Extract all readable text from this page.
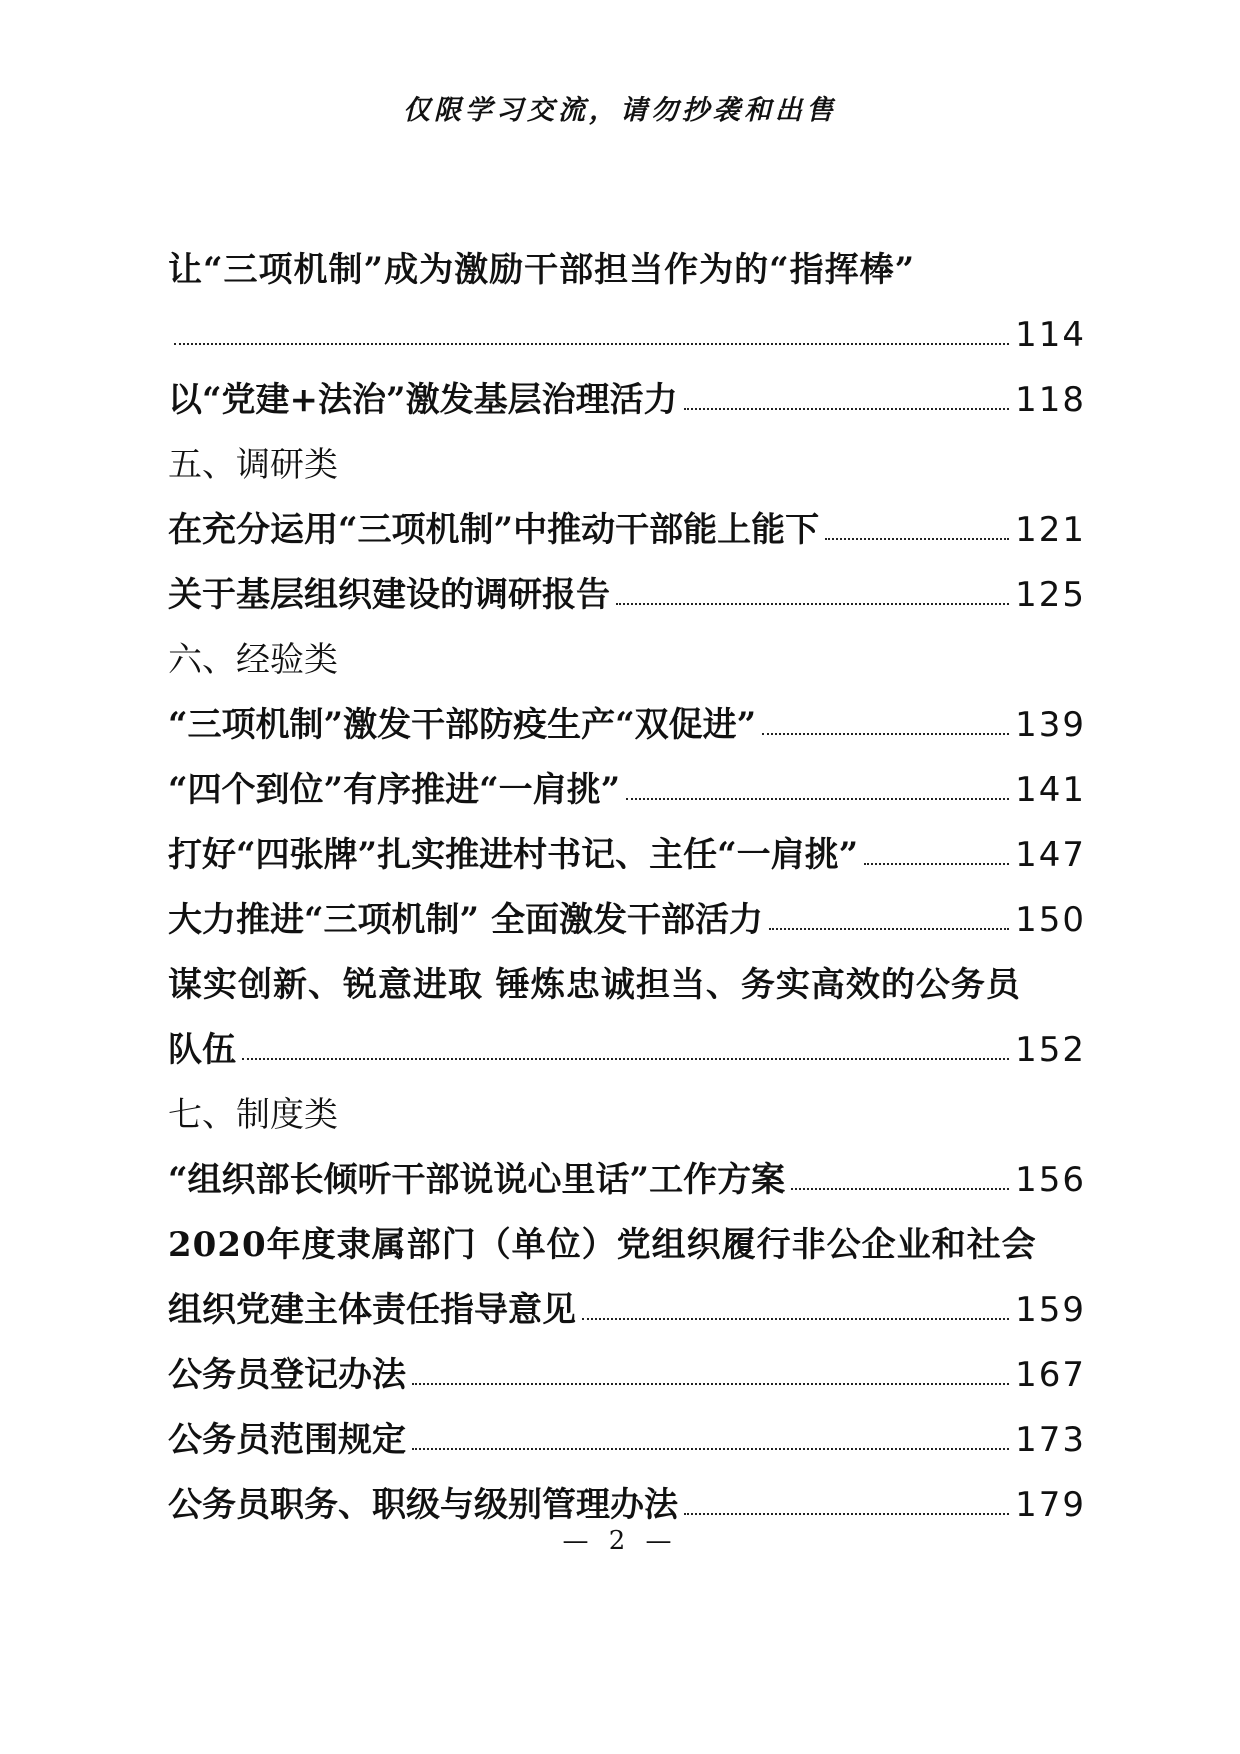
仅限学习交流，请勿抄袭和出售
让“三项机制”成为激励干部担当作为的“指挥棒”
114
以“党建+法治”激发基层治理活力	118
五、调研类
在充分运用“三项机制”中推动干部能上能下	121
关于基层组织建设的调研报告	125
六、经验类
“三项机制”激发干部防疫生产“双促进”	139
“四个到位”有序推进“一肩挑”	141
打好“四张牌”扎实推进村书记、主任“一肩挑”	147
大力推进“三项机制” 全面激发干部活力	150
谋实创新、锐意进取 锤炼忠诚担当、务实高效的公务员
队伍	152
七、制度类
“组织部长倾听干部说说心里话”工作方案	156
2020年度隶属部门（单位）党组织履行非公企业和社会
组织党建主体责任指导意见	159
公务员登记办法	167
公务员范围规定	173
公务员职务、职级与级别管理办法	179
— 2 —
